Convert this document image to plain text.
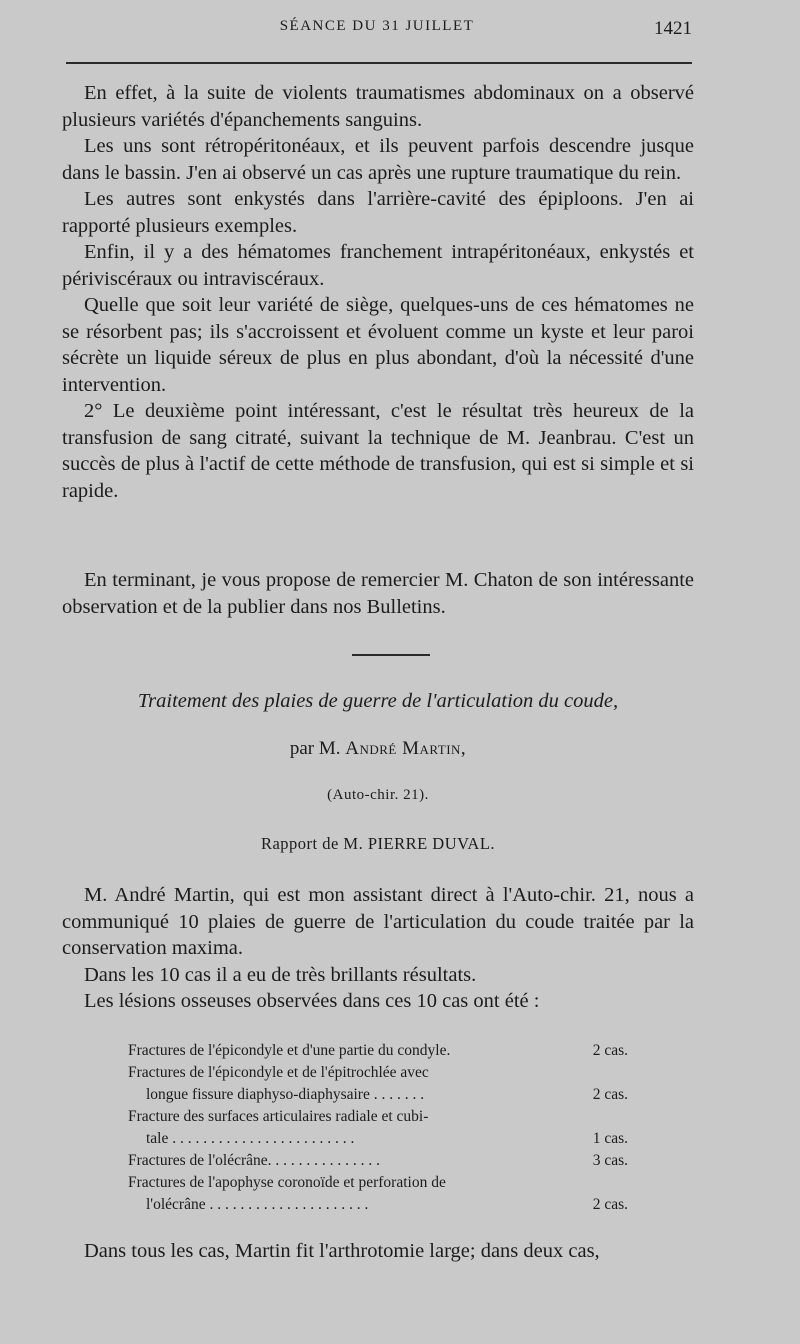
SÉANCE DU 31 JUILLET	1421

En effet, à la suite de violents traumatismes abdominaux on a observé plusieurs variétés d'épanchements sanguins.

Les uns sont rétropéritonéaux, et ils peuvent parfois descendre jusque dans le bassin. J'en ai observé un cas après une rupture traumatique du rein.

Les autres sont enkystés dans l'arrière-cavité des épiploons. J'en ai rapporté plusieurs exemples.

Enfin, il y a des hématomes franchement intrapéritonéaux, enkystés et périviscéraux ou intraviscéraux.

Quelle que soit leur variété de siège, quelques-uns de ces hématomes ne se résorbent pas; ils s'accroissent et évoluent comme un kyste et leur paroi sécrète un liquide séreux de plus en plus abondant, d'où la nécessité d'une intervention.

2° Le deuxième point intéressant, c'est le résultat très heureux de la transfusion de sang citraté, suivant la technique de M. Jeanbrau. C'est un succès de plus à l'actif de cette méthode de transfusion, qui est si simple et si rapide.

En terminant, je vous propose de remercier M. Chaton de son intéressante observation et de la publier dans nos Bulletins.

Traitement des plaies de guerre de l'articulation du coude,
par M. André Martin,
(Auto-chir. 21).
Rapport de M. PIERRE DUVAL.

M. André Martin, qui est mon assistant direct à l'Auto-chir. 21, nous a communiqué 10 plaies de guerre de l'articulation du coude traitée par la conservation maxima.

Dans les 10 cas il a eu de très brillants résultats.

Les lésions osseuses observées dans ces 10 cas ont été :

Fractures de l'épicondyle et d'une partie du condyle.	2 cas.
Fractures de l'épicondyle et de l'épitrochlée avec
longue fissure diaphyso-diaphysaire . . . . . . .	2 cas.
Fracture des surfaces articulaires radiale et cubi-
tale . . . . . . . . . . . . . . . . . . . . . . . .	1 cas.
Fractures de l'olécrâne. . . . . . . . . . . . . . .	3 cas.
Fractures de l'apophyse coronoïde et perforation de
l'olécrâne . . . . . . . . . . . . . . . . . . . . .	2 cas.
Dans tous les cas, Martin fit l'arthrotomie large; dans deux cas,
